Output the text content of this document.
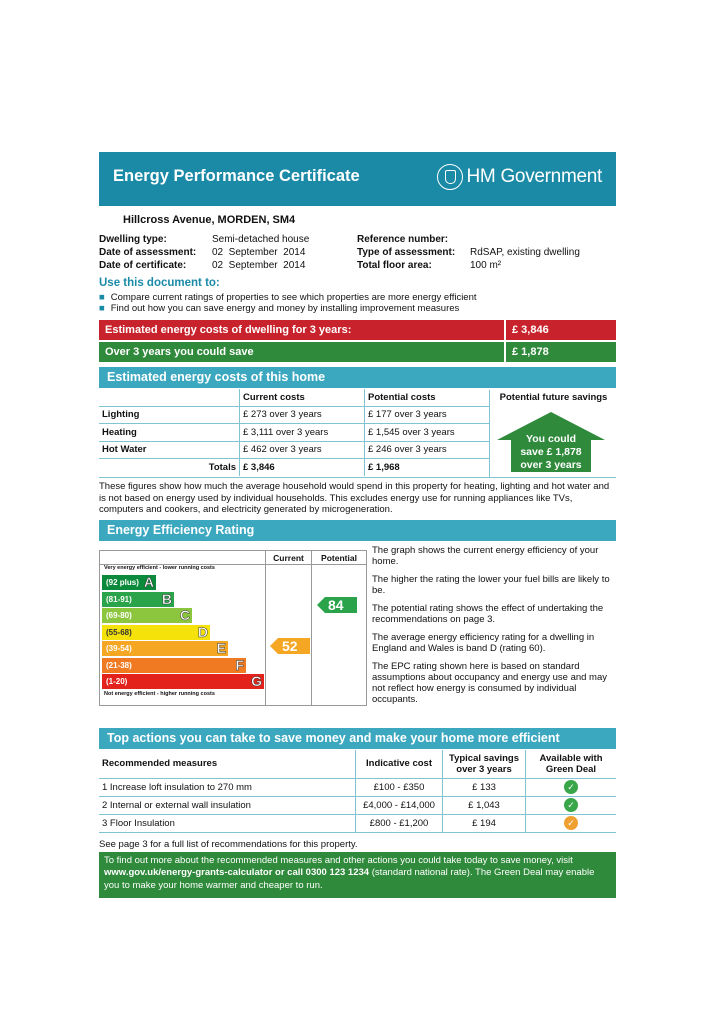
Energy Performance Certificate	HM Government
Hillcross Avenue, MORDEN, SM4
Dwelling type:	Semi-detached house
Date of assessment: 02  September  2014
Date of certificate:	02  September  2014
Reference number:
Type of assessment: RdSAP, existing dwelling
Total floor area:	100 m²
Use this document to:
■ Compare current ratings of properties to see which properties are more energy efficient
■ Find out how you can save energy and money by installing improvement measures
Estimated energy costs of dwelling for 3 years:	£ 3,846
Over 3 years you could save	£ 1,878
Estimated energy costs of this home
	Current costs	Potential costs
Lighting	£ 273 over 3 years	£ 177 over 3 years
Heating	£ 3,111 over 3 years	£ 1,545 over 3 years
Hot Water	£ 462 over 3 years	£ 246 over 3 years
Totals	£ 3,846	£ 1,968
Potential future savings
You could
save £ 1,878
over 3 years
These figures show how much the average household would spend in this property for heating, lighting and hot water and is not based on energy used by individual households. This excludes energy use for running appliances like TVs, computers and cookers, and electricity generated by microgeneration.
Energy Efficiency Rating
Very energy efficient - lower running costs
(92 plus) A
(81-91) B
(69-80)	C
(55-68)	D
(39-54)	E
(21-38)	F
(1-20)	G
Not energy efficient - higher running costs
Current	Potential
52
84
The graph shows the current energy efficiency of your home.
The higher the rating the lower your fuel bills are likely to be.
The potential rating shows the effect of undertaking the recommendations on page 3.
The average energy efficiency rating for a dwelling in England and Wales is band D (rating 60).
The EPC rating shown here is based on standard assumptions about occupancy and energy use and may not reflect how energy is consumed by individual occupants.
Top actions you can take to save money and make your home more efficient
Recommended measures	Indicative cost	Typical savings over 3 years	Available with Green Deal
1 Increase loft insulation to 270 mm	£100 - £350	£ 133	✓

2 Internal or external wall insulation	£4,000 - £14,000	£ 1,043	✓

3 Floor Insulation	£800 - £1,200	£ 194	✓
See page 3 for a full list of recommendations for this property.
To find out more about the recommended measures and other actions you could take today to save money, visit
www.gov.uk/energy-grants-calculator or call 0300 123 1234 (standard national rate). The Green Deal may enable you to make your home warmer and cheaper to run.
